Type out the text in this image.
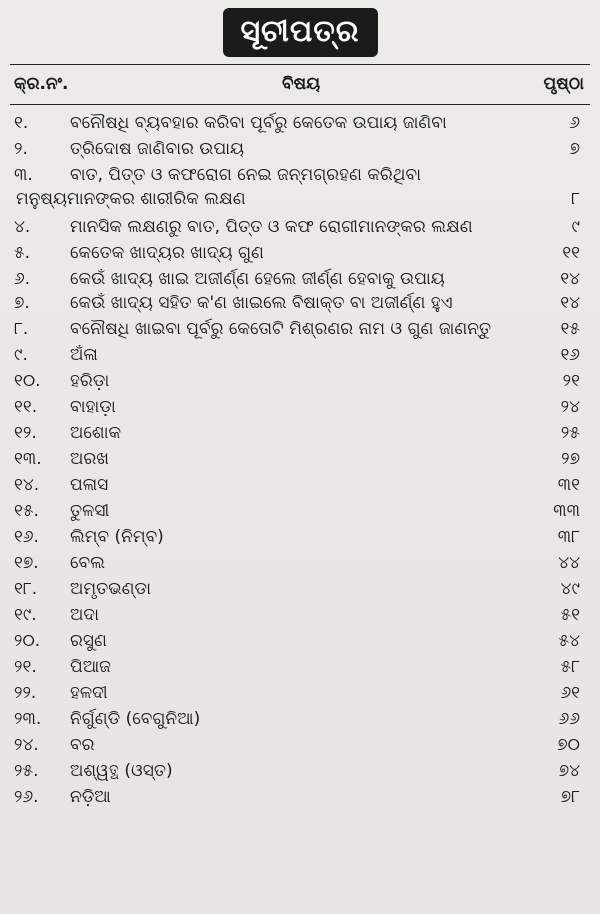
ସୂଚୀପତ୍ର
କ୍ର.ନଂ.	ବିଷୟ	ପୃଷ୍ଠା
୧. ବନୌଷଧି ବ୍ୟବହାର କରିବା ପୂର୍ବରୁ କେତେକ ଉପାୟ ଜାଣିବା	୬
୨. ତ୍ରିଦୋଷ ଜାଣିବାର ଉପାୟ	୭
୩. ବାତ, ପିତ୍ତ ଓ କଫରୋଗ ନେଇ ଜନ୍ମଗ୍ରହଣ କରିଥିବା
ମନୁଷ୍ୟମାନଙ୍କର ଶାରୀରିକ ଲକ୍ଷଣ	୮
୪. ମାନସିକ ଲକ୍ଷଣରୁ ବାତ, ପିତ୍ତ ଓ କଫ ରୋଗୀମାନଙ୍କର ଲକ୍ଷଣ	୯
୫. କେତେକ ଖାଦ୍ୟର ଖାଦ୍ୟ ଗୁଣ	୧୧
୬. କେଉଁ ଖାଦ୍ୟ ଖାଇ ଅଜୀର୍ଣ୍ଣ ହେଲେ ଜୀର୍ଣ୍ଣ ହେବାକୁ ଉପାୟ	୧୪
୭. କେଉଁ ଖାଦ୍ୟ ସହିତ କ'ଣ ଖାଇଲେ ବିଷାକ୍ତ ବା ଅଜୀର୍ଣ୍ଣ ହୁଏ	୧୪
୮. ବନୌଷଧି ଖାଇବା ପୂର୍ବରୁ କେତୋଟି ମିଶ୍ରଣର ନାମ ଓ ଗୁଣ ଜାଣନ୍ତୁ	୧୫
୯. ଅଁଳା	୧୬
୧୦. ହରିଡ଼ା	୨୧
୧୧. ବାହାଡ଼ା	୨୪
୧୨. ଅଶୋକ	୨୫
୧୩. ଅରଖ	୨୭
୧୪. ପଳାସ	୩୧
୧୫. ତୁଳସୀ	୩୩
୧୬. ଲିମ୍ବ (ନିମ୍ବ)	୩୮
୧୭. ବେଲ	୪୪
୧୮. ଅମୃତଭଣ୍ଡା	୪୯
୧୯. ଅଦା	୫୧
୨୦. ରସୁଣ	୫୪
୨୧. ପିଆଜ	୫୮
୨୨. ହଳଦୀ	୬୧
୨୩. ନିର୍ଗୁଣ୍ଡି (ବେଗୁନିଆ)	୬୬
୨୪. ବର	୭୦
୨୫. ଅଶ୍ୱତ୍ଥ (ଓସ୍ତ)	୭୪
୨୬. ନଡ଼ିଆ	୭୮
